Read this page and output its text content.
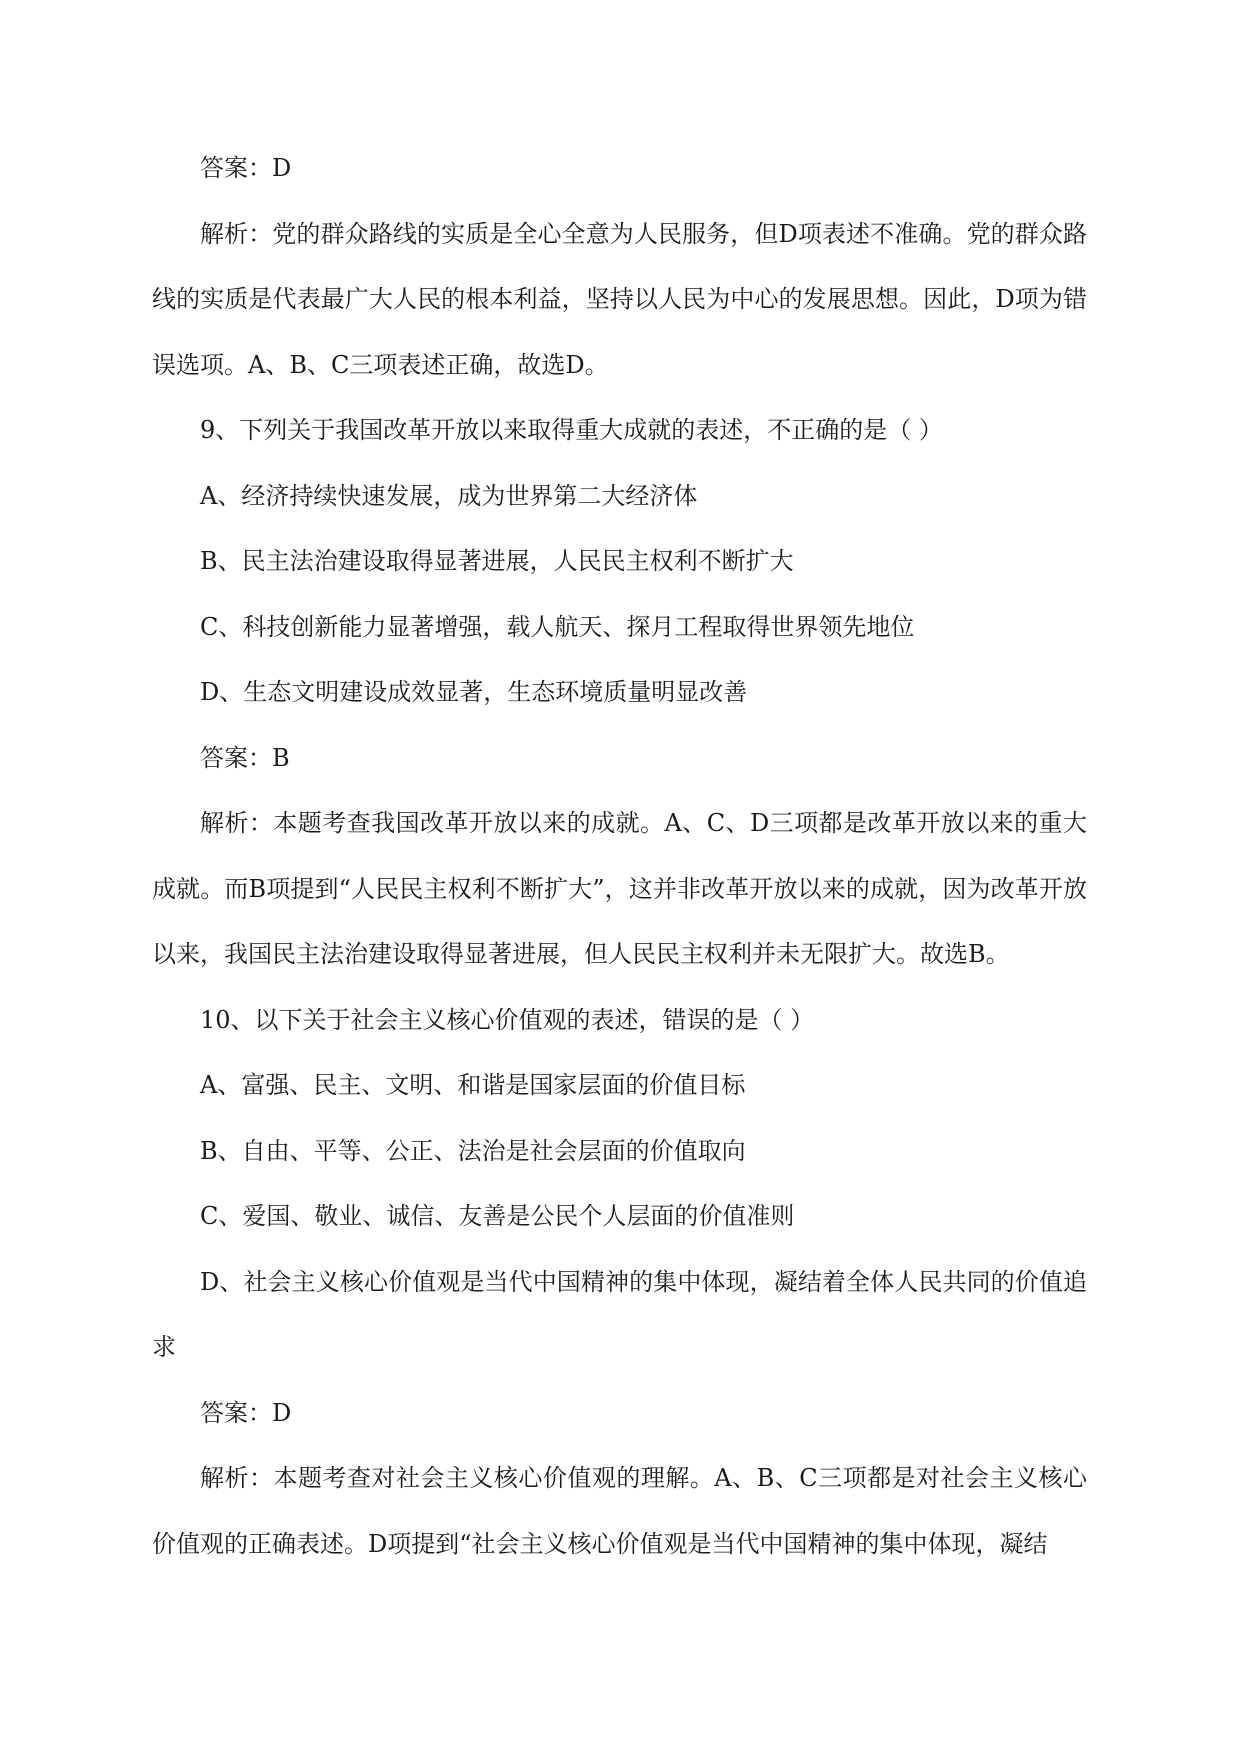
答案：D

解析：党的群众路线的实质是全心全意为人民服务，但D项表述不准确。党的群众路线的实质是代表最广大人民的根本利益，坚持以人民为中心的发展思想。因此，D项为错误选项。A、B、C三项表述正确，故选D。

9、下列关于我国改革开放以来取得重大成就的表述，不正确的是（ ）

A、经济持续快速发展，成为世界第二大经济体

B、民主法治建设取得显著进展，人民民主权利不断扩大

C、科技创新能力显著增强，载人航天、探月工程取得世界领先地位

D、生态文明建设成效显著，生态环境质量明显改善

答案：B

解析：本题考查我国改革开放以来的成就。A、C、D三项都是改革开放以来的重大成就。而B项提到“人民民主权利不断扩大”，这并非改革开放以来的成就，因为改革开放以来，我国民主法治建设取得显著进展，但人民民主权利并未无限扩大。故选B。

10、以下关于社会主义核心价值观的表述，错误的是（ ）

A、富强、民主、文明、和谐是国家层面的价值目标

B、自由、平等、公正、法治是社会层面的价值取向

C、爱国、敬业、诚信、友善是公民个人层面的价值准则

D、社会主义核心价值观是当代中国精神的集中体现，凝结着全体人民共同的价值追求

答案：D

解析：本题考查对社会主义核心价值观的理解。A、B、C三项都是对社会主义核心价值观的正确表述。D项提到“社会主义核心价值观是当代中国精神的集中体现，凝结
